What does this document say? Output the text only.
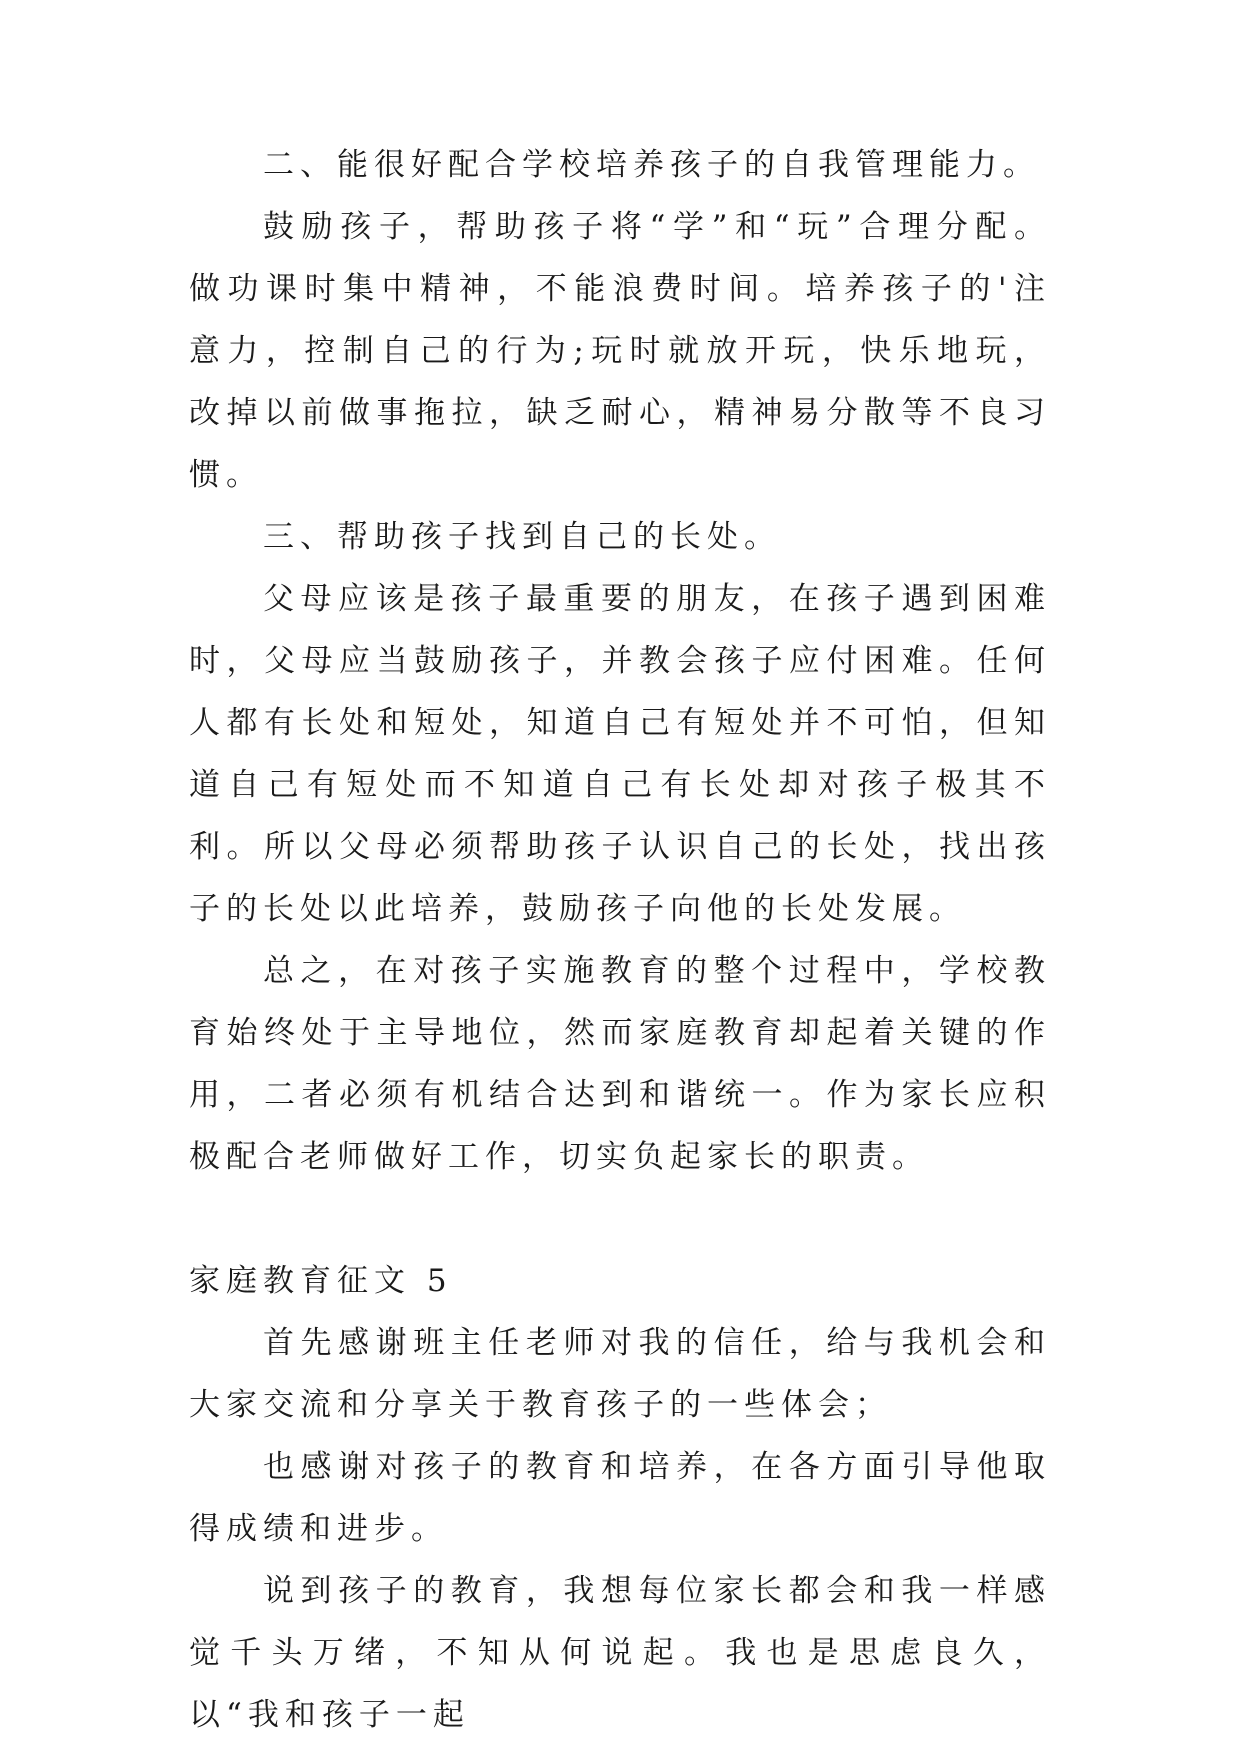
二、能很好配合学校培养孩子的自我管理能力。

鼓励孩子，帮助孩子将“学”和“玩”合理分配。做功课时集中精神，不能浪费时间。培养孩子的'注意力，控制自己的行为;玩时就放开玩，快乐地玩，改掉以前做事拖拉，缺乏耐心，精神易分散等不良习惯。

三、帮助孩子找到自己的长处。

父母应该是孩子最重要的朋友，在孩子遇到困难时，父母应当鼓励孩子，并教会孩子应付困难。任何人都有长处和短处，知道自己有短处并不可怕，但知道自己有短处而不知道自己有长处却对孩子极其不利。所以父母必须帮助孩子认识自己的长处，找出孩子的长处以此培养，鼓励孩子向他的长处发展。

总之，在对孩子实施教育的整个过程中，学校教育始终处于主导地位，然而家庭教育却起着关键的作用，二者必须有机结合达到和谐统一。作为家长应积极配合老师做好工作，切实负起家长的职责。

家庭教育征文 5

首先感谢班主任老师对我的信任，给与我机会和大家交流和分享关于教育孩子的一些体会；

也感谢对孩子的教育和培养，在各方面引导他取得成绩和进步。

说到孩子的教育，我想每位家长都会和我一样感觉千头万绪，不知从何说起。我也是思虑良久，以“我和孩子一起
